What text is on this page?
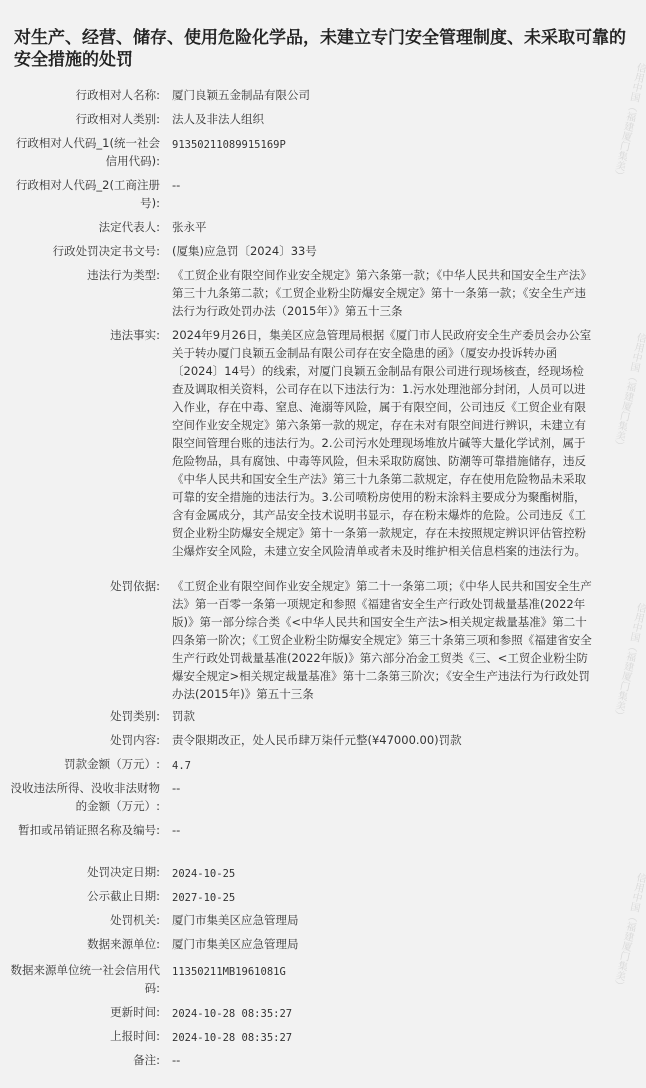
信用中国（福建厦门集美）
信用中国（福建厦门集美）
信用中国（福建厦门集美）
信用中国（福建厦门集美）
对生产、经营、储存、使用危险化学品，未建立专门安全管理制度、未采取可靠的安全措施的处罚
行政相对人名称: 厦门良颖五金制品有限公司
行政相对人类别: 法人及非法人组织
行政相对人代码_1(统一社会信用代码):
91350211089915169P
行政相对人代码_2(工商注册号):
--
法定代表人: 张永平
行政处罚决定书文号: (厦集)应急罚〔2024〕33号
违法行为类型: 《工贸企业有限空间作业安全规定》第六条第一款；《中华人民共和国安全生产法》第三十九条第二款；《工贸企业粉尘防爆安全规定》第十一条第一款；《安全生产违法行为行政处罚办法（2015年）》第五十三条
违法事实: 2024年9月26日，集美区应急管理局根据《厦门市人民政府安全生产委员会办公室关于转办厦门良颖五金制品有限公司存在安全隐患的函》（厦安办投诉转办函〔2024〕14号）的线索，对厦门良颖五金制品有限公司进行现场核查，经现场检查及调取相关资料，公司存在以下违法行为：1.污水处理池部分封闭，人员可以进入作业，存在中毒、窒息、淹溺等风险，属于有限空间，公司违反《工贸企业有限空间作业安全规定》第六条第一款的规定，存在未对有限空间进行辨识，未建立有限空间管理台账的违法行为。2.公司污水处理现场堆放片碱等大量化学试剂，属于危险物品，具有腐蚀、中毒等风险，但未采取防腐蚀、防潮等可靠措施储存，违反《中华人民共和国安全生产法》第三十九条第二款规定，存在使用危险物品未采取可靠的安全措施的违法行为。3.公司喷粉房使用的粉末涂料主要成分为聚酯树脂，含有金属成分，其产品安全技术说明书显示，存在粉末爆炸的危险。公司违反《工贸企业粉尘防爆安全规定》第十一条第一款规定，存在未按照规定辨识评估管控粉尘爆炸安全风险，未建立安全风险清单或者未及时维护相关信息档案的违法行为。
处罚依据: 《工贸企业有限空间作业安全规定》第二十一条第二项；《中华人民共和国安全生产法》第一百零一条第一项规定和参照《福建省安全生产行政处罚裁量基准(2022年版)》第一部分综合类《<中华人民共和国安全生产法>相关规定裁量基准》第二十四条第一阶次；《工贸企业粉尘防爆安全规定》第三十条第三项和参照《福建省安全生产行政处罚裁量基准(2022年版)》第六部分冶金工贸类《三、<工贸企业粉尘防爆安全规定>相关规定裁量基准》第十二条第三阶次；《安全生产违法行为行政处罚办法(2015年)》第五十三条
处罚类别: 罚款
处罚内容: 责令限期改正，处人民币肆万柒仟元整(¥47000.00)罚款
罚款金额（万元）: 4.7
没收违法所得、没收非法财物的金额（万元）:
--
暂扣或吊销证照名称及编号: --
处罚决定日期: 2024-10-25
公示截止日期: 2027-10-25
处罚机关: 厦门市集美区应急管理局
数据来源单位: 厦门市集美区应急管理局
数据来源单位统一社会信用代码:
11350211MB1961081G
更新时间: 2024-10-28 08:35:27
上报时间: 2024-10-28 08:35:27
备注: --
